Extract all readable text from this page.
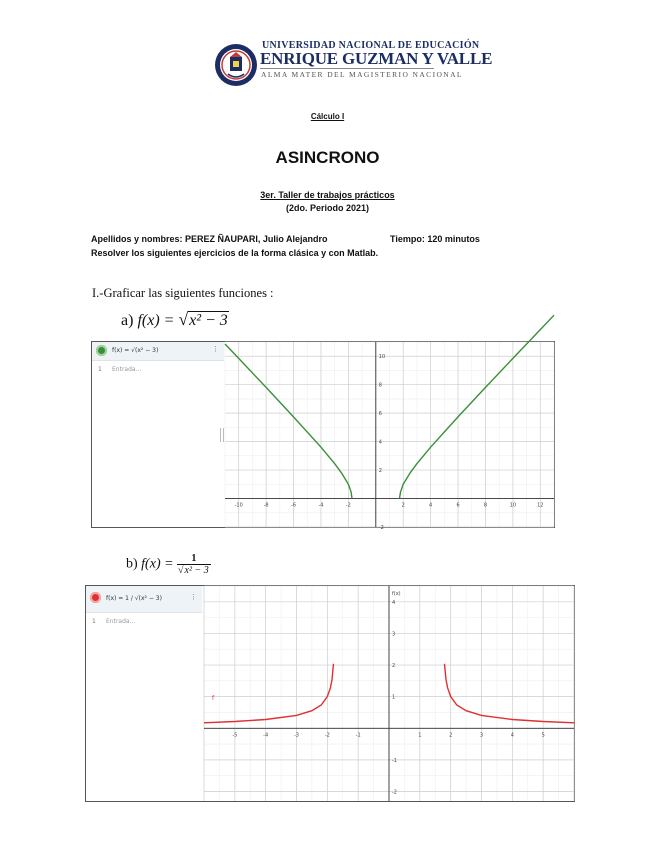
UNIVERSIDAD NACIONAL DE EDUCACIÓN
ENRIQUE GUZMAN Y VALLE
ALMA MATER DEL MAGISTERIO NACIONAL
Cálculo I
ASINCRONO
3er. Taller de trabajos prácticos
(2do. Periodo 2021)
Apellidos y nombres: PEREZ ÑAUPARI, Julio Alejandro	Tiempo: 120 minutos
Resolver los siguientes ejercicios de la forma clásica y con Matlab.
I.-Graficar las siguientes funciones :
a) f(x) = √x² − 3
f(x) = √(x² − 3)	⋮
1 Entrada...
-10	-8	-6	-4	-2	2	4	6	8	10	12
10
8
6
4
2
-2
b) $f(x) = \frac{1}{\text{√x² − 3}}$
f(x) = 1 / √(x² − 3)	⋮
1 Entrada...
-5	-4	-3	-2	-1	1	2	3	4	5
4
3
2
1
-1
-2
f(x)
f
